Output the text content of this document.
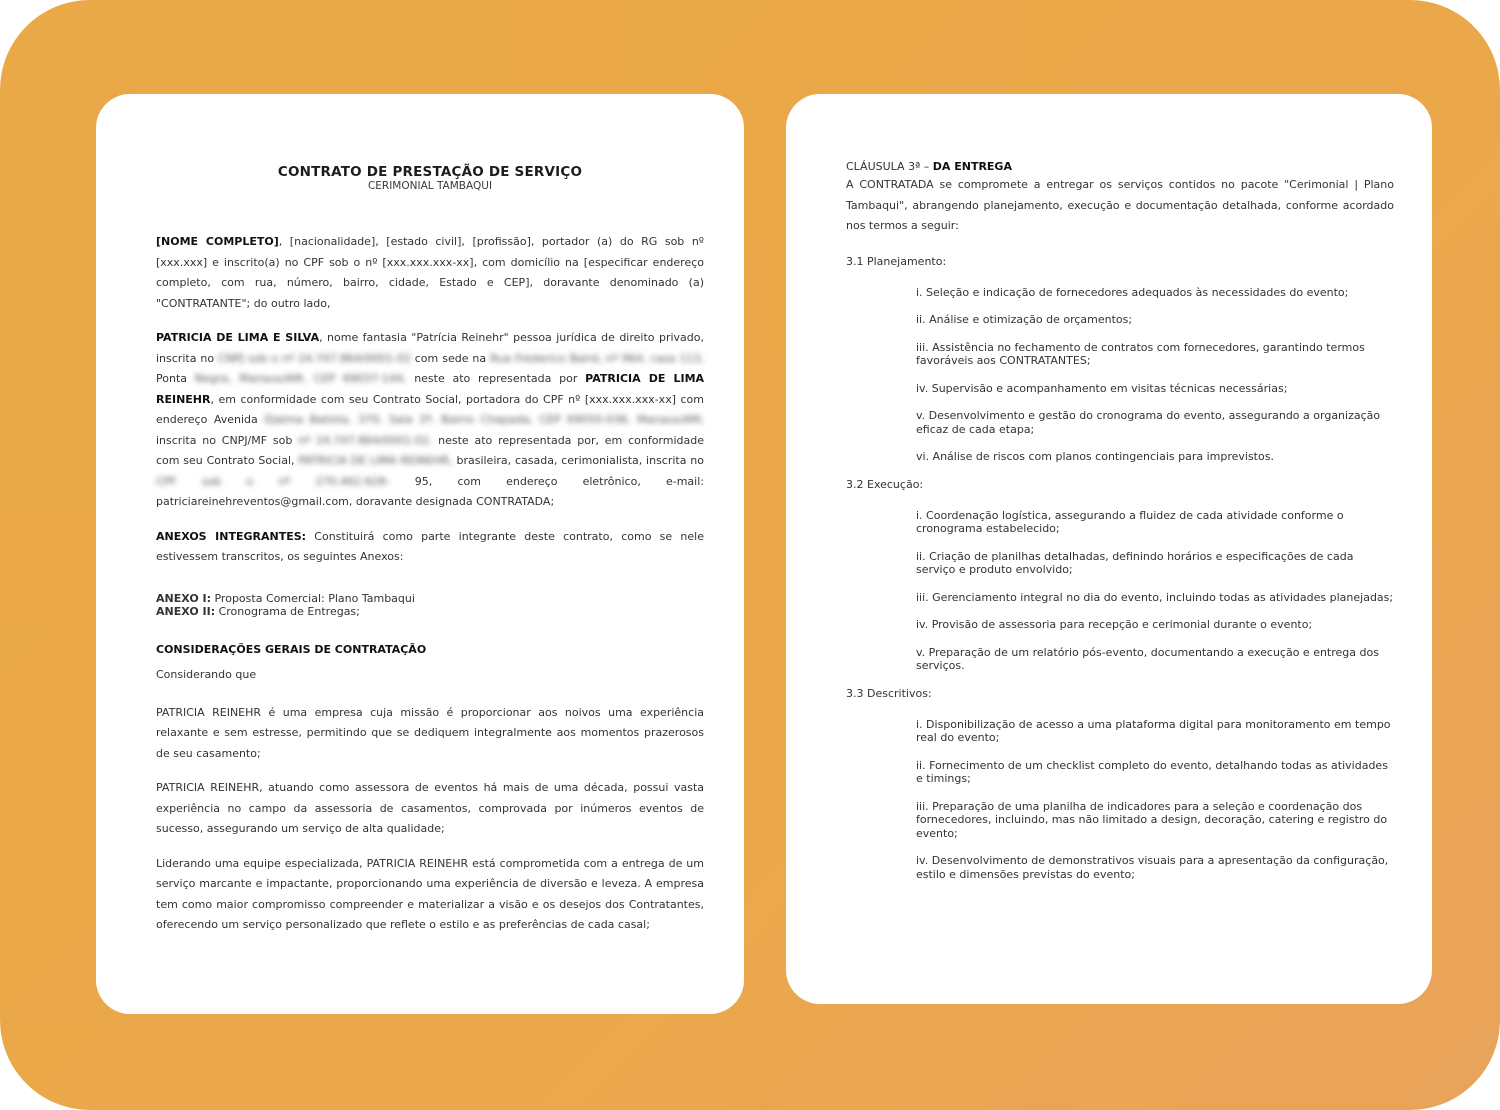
CONTRATO DE PRESTAÇÃO DE SERVIÇO
CERIMONIAL TAMBAQUI

[NOME COMPLETO], [nacionalidade], [estado civil], [profissão], portador (a) do RG sob nº [xxx.xxx] e inscrito(a) no CPF sob o nº [xxx.xxx.xxx-xx], com domicílio na [especificar endereço completo, com rua, número, bairro, cidade, Estado e CEP], doravante denominado (a) "CONTRATANTE"; do outro lado,

PATRICIA DE LIMA E SILVA, nome fantasia "Patrícia Reinehr" pessoa jurídica de direito privado, inscrita no CNPJ sob o nº 24.747.864/0001-02 com sede na Rua Frederico Baird, nº 964, casa 113, Ponta Negra, Manaus/AM, CEP 69037-144, neste ato representada por PATRICIA DE LIMA REINEHR, em conformidade com seu Contrato Social, portadora do CPF nº [xxx.xxx.xxx-xx] com endereço Avenida Djalma Batista, 370, Sala 2ª, Bairro Chapada, CEP 69050-036, Manaus/AM, inscrita no CNPJ/MF sob nº 24.747.864/0001-02, neste ato representada por, em conformidade com seu Contrato Social, PATRICIA DE LIMA REINEHR, brasileira, casada, cerimonialista, inscrita no CPF sob o nº 270.462.628- 95, com endereço eletrônico, e-mail: patriciareinehreventos@gmail.com, doravante designada CONTRATADA;

ANEXOS INTEGRANTES: Constituirá como parte integrante deste contrato, como se nele estivessem transcritos, os seguintes Anexos:

ANEXO I: Proposta Comercial: Plano Tambaqui
ANEXO II: Cronograma de Entregas;
CONSIDERAÇÕES GERAIS DE CONTRATAÇÃO
Considerando que

PATRICIA REINEHR é uma empresa cuja missão é proporcionar aos noivos uma experiência relaxante e sem estresse, permitindo que se dediquem integralmente aos momentos prazerosos de seu casamento;

PATRICIA REINEHR, atuando como assessora de eventos há mais de uma década, possui vasta experiência no campo da assessoria de casamentos, comprovada por inúmeros eventos de sucesso, assegurando um serviço de alta qualidade;

Liderando uma equipe especializada, PATRICIA REINEHR está comprometida com a entrega de um serviço marcante e impactante, proporcionando uma experiência de diversão e leveza. A empresa tem como maior compromisso compreender e materializar a visão e os desejos dos Contratantes, oferecendo um serviço personalizado que reflete o estilo e as preferências de cada casal;

CLÁUSULA 3ª – DA ENTREGA

A CONTRATADA se compromete a entregar os serviços contidos no pacote "Cerimonial | Plano Tambaqui", abrangendo planejamento, execução e documentação detalhada, conforme acordado nos termos a seguir:

3.1 Planejamento:
i. Seleção e indicação de fornecedores adequados às necessidades do evento;
ii. Análise e otimização de orçamentos;
iii. Assistência no fechamento de contratos com fornecedores, garantindo termos favoráveis aos CONTRATANTES;
iv. Supervisão e acompanhamento em visitas técnicas necessárias;
v. Desenvolvimento e gestão do cronograma do evento, assegurando a organização eficaz de cada etapa;
vi. Análise de riscos com planos contingenciais para imprevistos.
3.2 Execução:
i. Coordenação logística, assegurando a fluidez de cada atividade conforme o cronograma estabelecido;
ii. Criação de planilhas detalhadas, definindo horários e especificações de cada serviço e produto envolvido;
iii. Gerenciamento integral no dia do evento, incluindo todas as atividades planejadas;
iv. Provisão de assessoria para recepção e cerimonial durante o evento;
v. Preparação de um relatório pós-evento, documentando a execução e entrega dos serviços.
3.3 Descritivos:
i. Disponibilização de acesso a uma plataforma digital para monitoramento em tempo real do evento;
ii. Fornecimento de um checklist completo do evento, detalhando todas as atividades e timings;
iii. Preparação de uma planilha de indicadores para a seleção e coordenação dos fornecedores, incluindo, mas não limitado a design, decoração, catering e registro do evento;
iv. Desenvolvimento de demonstrativos visuais para a apresentação da configuração, estilo e dimensões previstas do evento;
